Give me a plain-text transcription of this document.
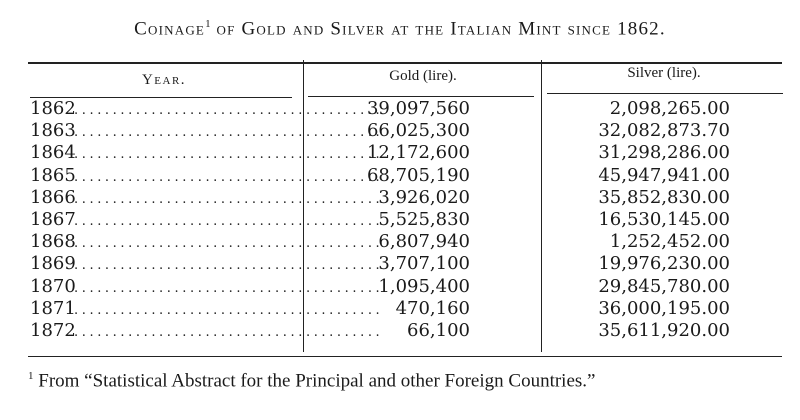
Coinage$^1$ of Gold and Silver at the Italian Mint since 1862.
Year.	Gold (lire).	Silver (lire).
1862........................................
1863........................................
1864........................................
1865........................................
1866........................................
1867........................................
1868........................................
1869........................................
1870........................................
1871........................................
1872........................................
39,097,560
66,025,300
12,172,600
68,705,190
3,926,020
5,525,830
6,807,940
3,707,100
1,095,400
470,160
66,100
2,098,265.00
32,082,873.70
31,298,286.00
45,947,941.00
35,852,830.00
16,530,145.00
1,252,452.00
19,976,230.00
29,845,780.00
36,000,195.00
35,611,920.00
$^1$ From “Statistical Abstract for the Principal and other Foreign Countries.”
